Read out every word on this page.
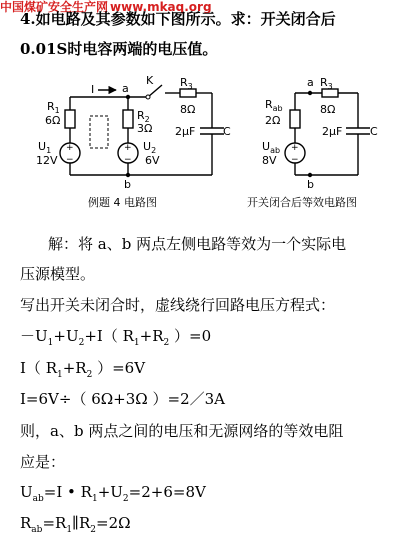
中国煤矿安全生产网 www.mkaq.org
4.如电路及其参数如下图所示。求：开关闭合后
0.01S时电容两端的电压值。
+
−
+
−
I	a
K
$R_1$
6Ω	$R_2$
3Ω
$R_3$
8Ω
$U_1$
12V
$U_2$
6V
2μF	C
b
例题 4 电路图
+
−
$R_{ab}$
2Ω
$R_3$
8Ω
a
$U_{ab}$
8V
2μF	C
b
开关闭合后等效电路图
解：将 a、b 两点左侧电路等效为一个实际电
压源模型。
写出开关未闭合时，虚线绕行回路电压方程式：
$-U_1+U_2+I$（ $R_1+R_2$ ）=0
I（ $R_1+R_2$ ）=6V
I=6V÷（ 6Ω+3Ω ）=2／3A
则，a、b 两点之间的电压和无源网络的等效电阻
应是：
$U_{ab}=I$ • $R_1+U_2=2+6=8V$
$R_{ab}=R_1\parallel R_2=2\Omega$
